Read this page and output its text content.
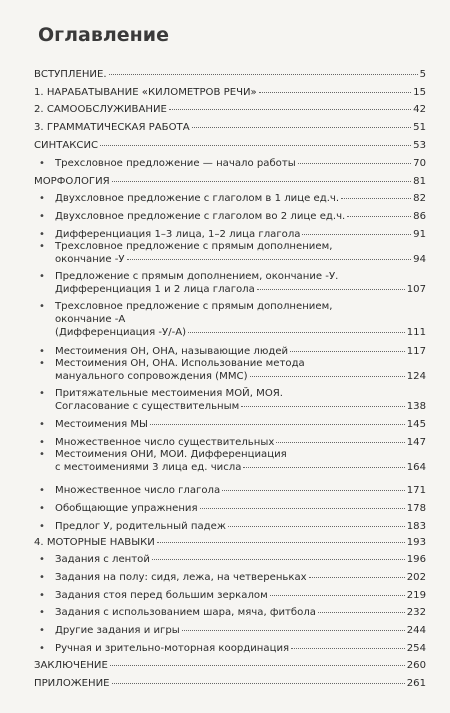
Оглавление
ВСТУПЛЕНИЕ.	5
1. НАРАБАТЫВАНИЕ «КИЛОМЕТРОВ РЕЧИ»	15
2. САМООБСЛУЖИВАНИЕ	42
3. ГРАММАТИЧЕСКАЯ РАБОТА	51
СИНТАКСИС	53
• Трехсловное предложение — начало работы	70
МОРФОЛОГИЯ	81
• Двухсловное предложение с глаголом в 1 лице ед.ч.	82
• Двухсловное предложение с глаголом во 2 лице ед.ч.	86
• Дифференциация 1–3 лица, 1–2 лица глагола	91
• Трехсловное предложение с прямым дополнением,
окончание -У	94
• Предложение с прямым дополнением, окончание -У.
Дифференциация 1 и 2 лица глагола	107
• Трехсловное предложение с прямым дополнением,
окончание -А
(Дифференциация -У/-А)	111
• Местоимения ОН, ОНА, называющие людей	117
• Местоимения ОН, ОНА. Использование метода
мануального сопровождения (ММС)	124
• Притяжательные местоимения МОЙ, МОЯ.
Согласование с существительным	138
• Местоимения МЫ	145
• Множественное число существительных	147
• Местоимения ОНИ, МОИ. Дифференциация
с местоимениями 3 лица ед. числа	164
• Множественное число глагола	171
• Обобщающие упражнения	178
• Предлог У, родительный падеж	183
4. МОТОРНЫЕ НАВЫКИ	193
• Задания с лентой	196
• Задания на полу: сидя, лежа, на четвереньках	202
• Задания стоя перед большим зеркалом	219
• Задания с использованием шара, мяча, фитбола	232
• Другие задания и игры	244
• Ручная и зрительно-моторная координация	254
ЗАКЛЮЧЕНИЕ	260
ПРИЛОЖЕНИЕ	261
